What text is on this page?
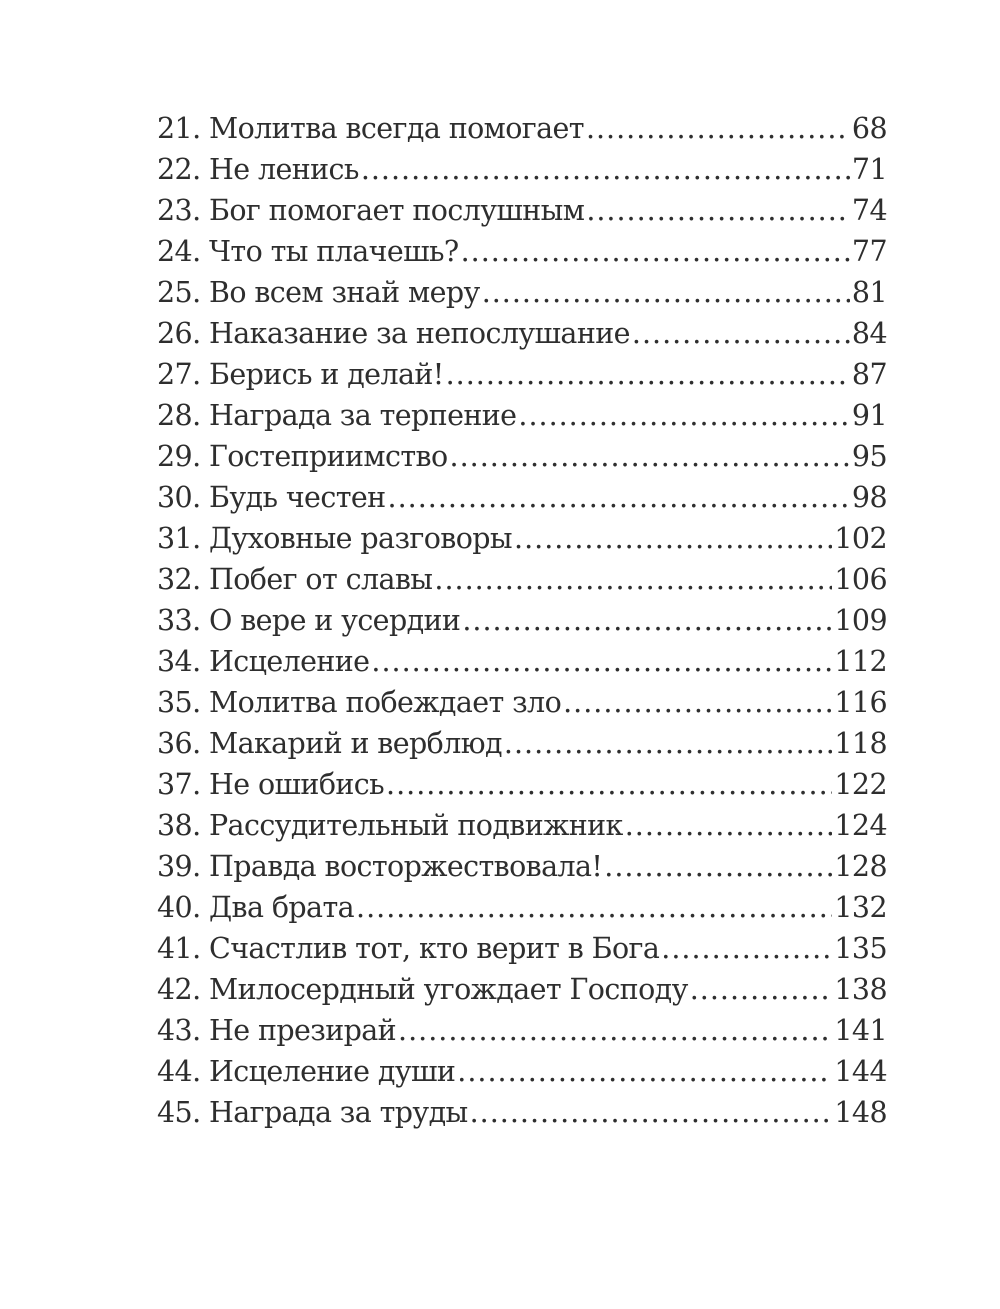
21. Молитва всегда помогает .....	68
22. Не ленись .....	71
23. Бог помогает послушным .....	74
24. Что ты плачешь? .....	77
25. Во всем знай меру .....	81
26. Наказание за непослушание .....	84
27. Берись и делай! .....	87
28. Награда за терпение .....	91
29. Гостеприимство .....	95
30. Будь честен .....	98
31. Духовные разговоры .....	102
32. Побег от славы .....	106
33. О вере и усердии .....	109
34. Исцеление .....	112
35. Молитва побеждает зло .....	116
36. Макарий и верблюд .....	118
37. Не ошибись .....	122
38. Рассудительный подвижник .....	124
39. Правда восторжествовала! .....	128
40. Два брата .....	132
41. Счастлив тот, кто верит в Бога .....	135
42. Милосердный угождает Господу .....	138
43. Не презирай .....	141
44. Исцеление души .....	144
45. Награда за труды .....	148
